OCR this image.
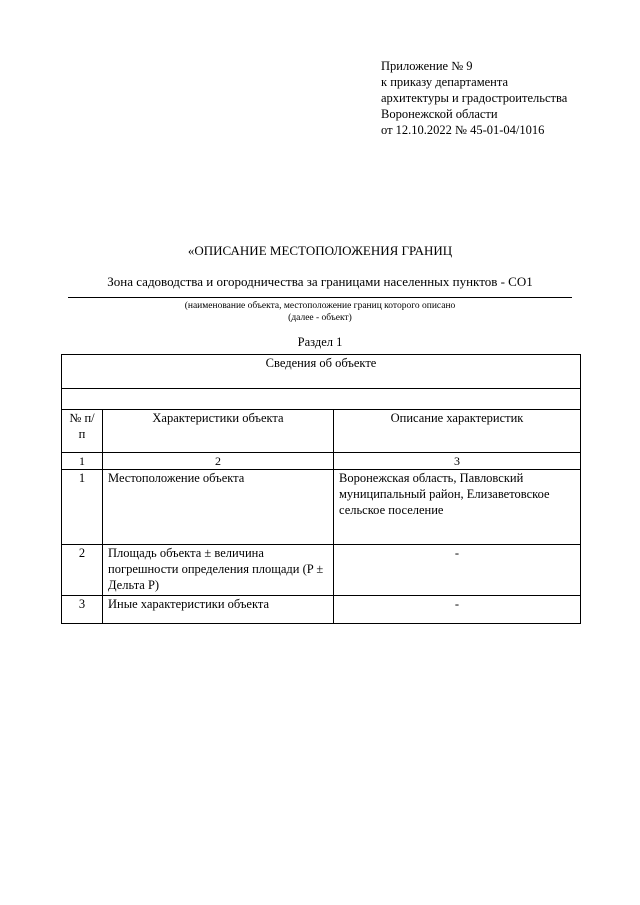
Приложение № 9
к приказу департамента
архитектуры и градостроительства
Воронежской области
от 12.10.2022 № 45-01-04/1016
«ОПИСАНИЕ МЕСТОПОЛОЖЕНИЯ ГРАНИЦ
Зона садоводства и огородничества за границами населенных пунктов - СО1
(наименование объекта, местоположение границ которого описано
(далее - объект)
Раздел 1
Сведения об объекте		

№ п/п	Характеристики объекта	Описание характеристик
1	2	3
1	Местоположение объекта	Воронежская область, Павловский муниципальный район, Елизаветовское сельское поселение
2	Площадь объекта ± величина погрешности определения площади (P ± Дельта P)	-
3	Иные характеристики объекта	-
